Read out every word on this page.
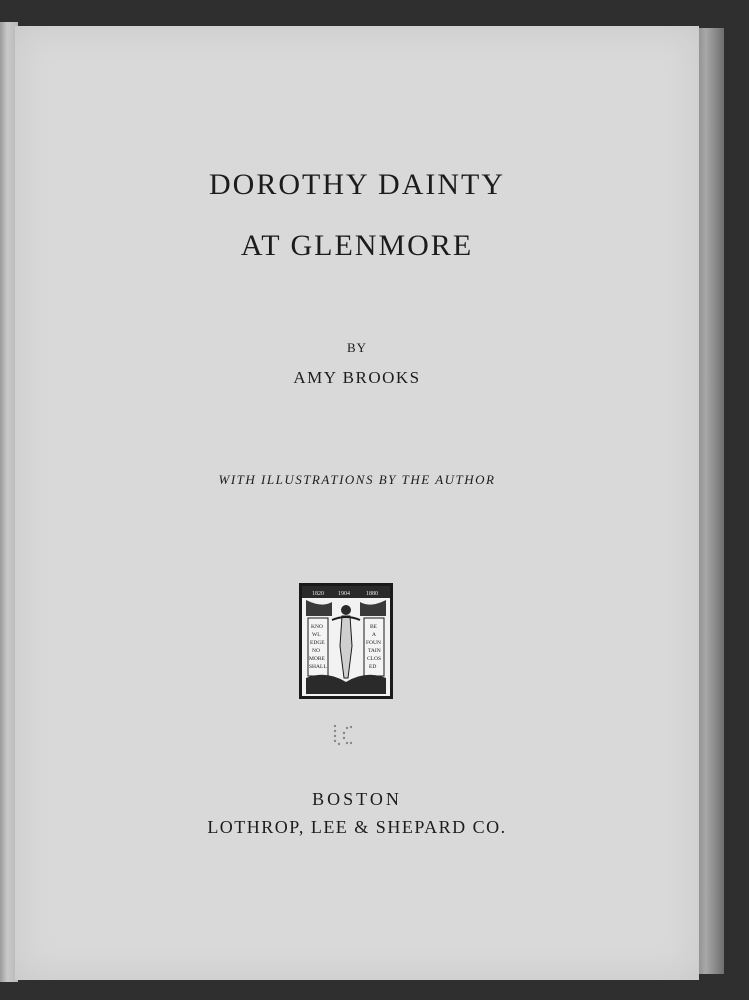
DOROTHY DAINTY
AT GLENMORE
BY
AMY BROOKS
WITH ILLUSTRATIONS BY THE AUTHOR
1820 1904	1880
KNO
WL
EDGE
NO
MORE
SHALL
BE
A
FOUN
TAIN
CLOS
ED
BOSTON
LOTHROP, LEE & SHEPARD CO.
